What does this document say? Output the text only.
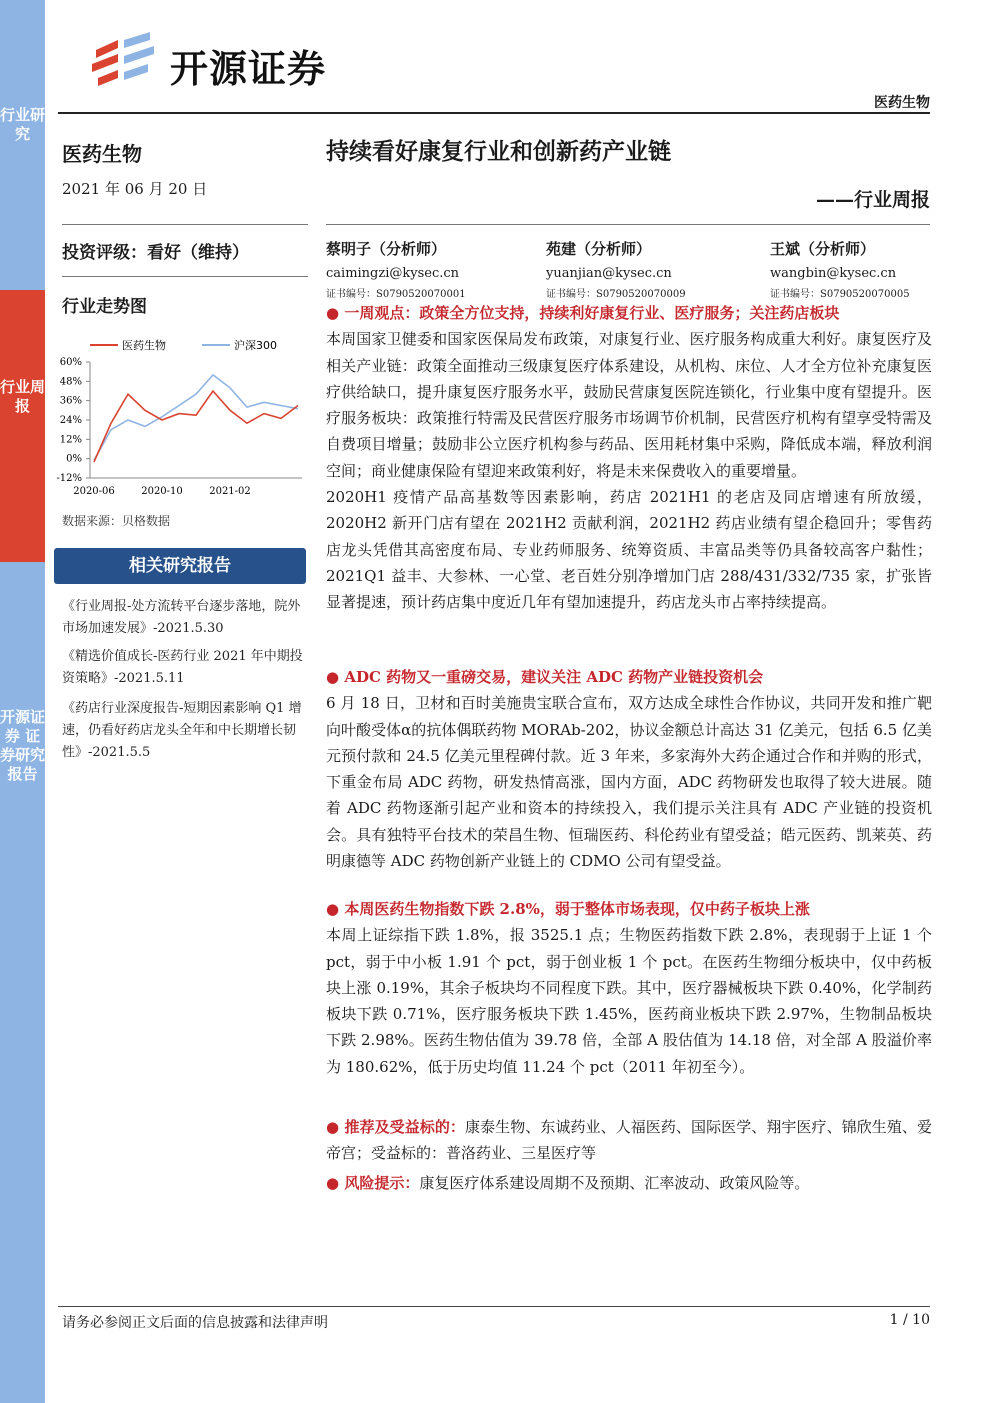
行业研究
行业周报
开源证券 证券研究报告
开源证券
医药生物
医药生物
2021 年 06 月 20 日
投资评级：看好（维持）
行业走势图
60%
48%
36%
24%
12%
0%
-12%
2020-06	2020-10	2021-02
医药生物	沪深300
数据来源：贝格数据
相关研究报告
《行业周报-处方流转平台逐步落地，院外市场加速发展》-2021.5.30
《精选价值成长-医药行业 2021 年中期投资策略》-2021.5.11
《药店行业深度报告-短期因素影响 Q1 增速，仍看好药店龙头全年和中长期增长韧性》-2021.5.5
持续看好康复行业和创新药产业链
——行业周报
蔡明子（分析师）
caimingzi@kysec.cn
证书编号：S0790520070001
苑建（分析师）
yuanjian@kysec.cn
证书编号：S0790520070009
王斌（分析师）
wangbin@kysec.cn
证书编号：S0790520070005

● 一周观点：政策全方位支持，持续利好康复行业、医疗服务；关注药店板块

本周国家卫健委和国家医保局发布政策，对康复行业、医疗服务构成重大利好。康复医疗及相关产业链：政策全面推动三级康复医疗体系建设，从机构、床位、人才全方位补充康复医疗供给缺口，提升康复医疗服务水平，鼓励民营康复医院连锁化，行业集中度有望提升。医疗服务板块：政策推行特需及民营医疗服务市场调节价机制，民营医疗机构有望享受特需及自费项目增量；鼓励非公立医疗机构参与药品、医用耗材集中采购，降低成本端，释放利润空间；商业健康保险有望迎来政策利好，将是未来保费收入的重要增量。

2020H1 疫情产品高基数等因素影响，药店 2021H1 的老店及同店增速有所放缓，2020H2 新开门店有望在 2021H2 贡献利润，2021H2 药店业绩有望企稳回升；零售药店龙头凭借其高密度布局、专业药师服务、统筹资质、丰富品类等仍具备较高客户黏性；2021Q1 益丰、大参林、一心堂、老百姓分别净增加门店 288/431/332/735 家，扩张皆显著提速，预计药店集中度近几年有望加速提升，药店龙头市占率持续提高。

● ADC 药物又一重磅交易，建议关注 ADC 药物产业链投资机会

6 月 18 日，卫材和百时美施贵宝联合宣布，双方达成全球性合作协议，共同开发和推广靶向叶酸受体α的抗体偶联药物 MORAb-202，协议金额总计高达 31 亿美元，包括 6.5 亿美元预付款和 24.5 亿美元里程碑付款。近 3 年来，多家海外大药企通过合作和并购的形式，下重金布局 ADC 药物，研发热情高涨，国内方面，ADC 药物研发也取得了较大进展。随着 ADC 药物逐渐引起产业和资本的持续投入，我们提示关注具有 ADC 产业链的投资机会。具有独特平台技术的荣昌生物、恒瑞医药、科伦药业有望受益；皓元医药、凯莱英、药明康德等 ADC 药物创新产业链上的 CDMO 公司有望受益。

● 本周医药生物指数下跌 2.8%，弱于整体市场表现，仅中药子板块上涨

本周上证综指下跌 1.8%，报 3525.1 点；生物医药指数下跌 2.8%，表现弱于上证 1 个 pct，弱于中小板 1.91 个 pct，弱于创业板 1 个 pct。在医药生物细分板块中，仅中药板块上涨 0.19%，其余子板块均不同程度下跌。其中，医疗器械板块下跌 0.40%，化学制药板块下跌 0.71%，医疗服务板块下跌 1.45%，医药商业板块下跌 2.97%，生物制品板块下跌 2.98%。医药生物估值为 39.78 倍，全部 A 股估值为 14.18 倍，对全部 A 股溢价率为 180.62%，低于历史均值 11.24 个 pct（2011 年初至今）。

● 推荐及受益标的：康泰生物、东诚药业、人福医药、国际医学、翔宇医疗、锦欣生殖、爱帝宫；受益标的：普洛药业、三星医疗等

● 风险提示：康复医疗体系建设周期不及预期、汇率波动、政策风险等。

请务必参阅正文后面的信息披露和法律声明	1 / 10
